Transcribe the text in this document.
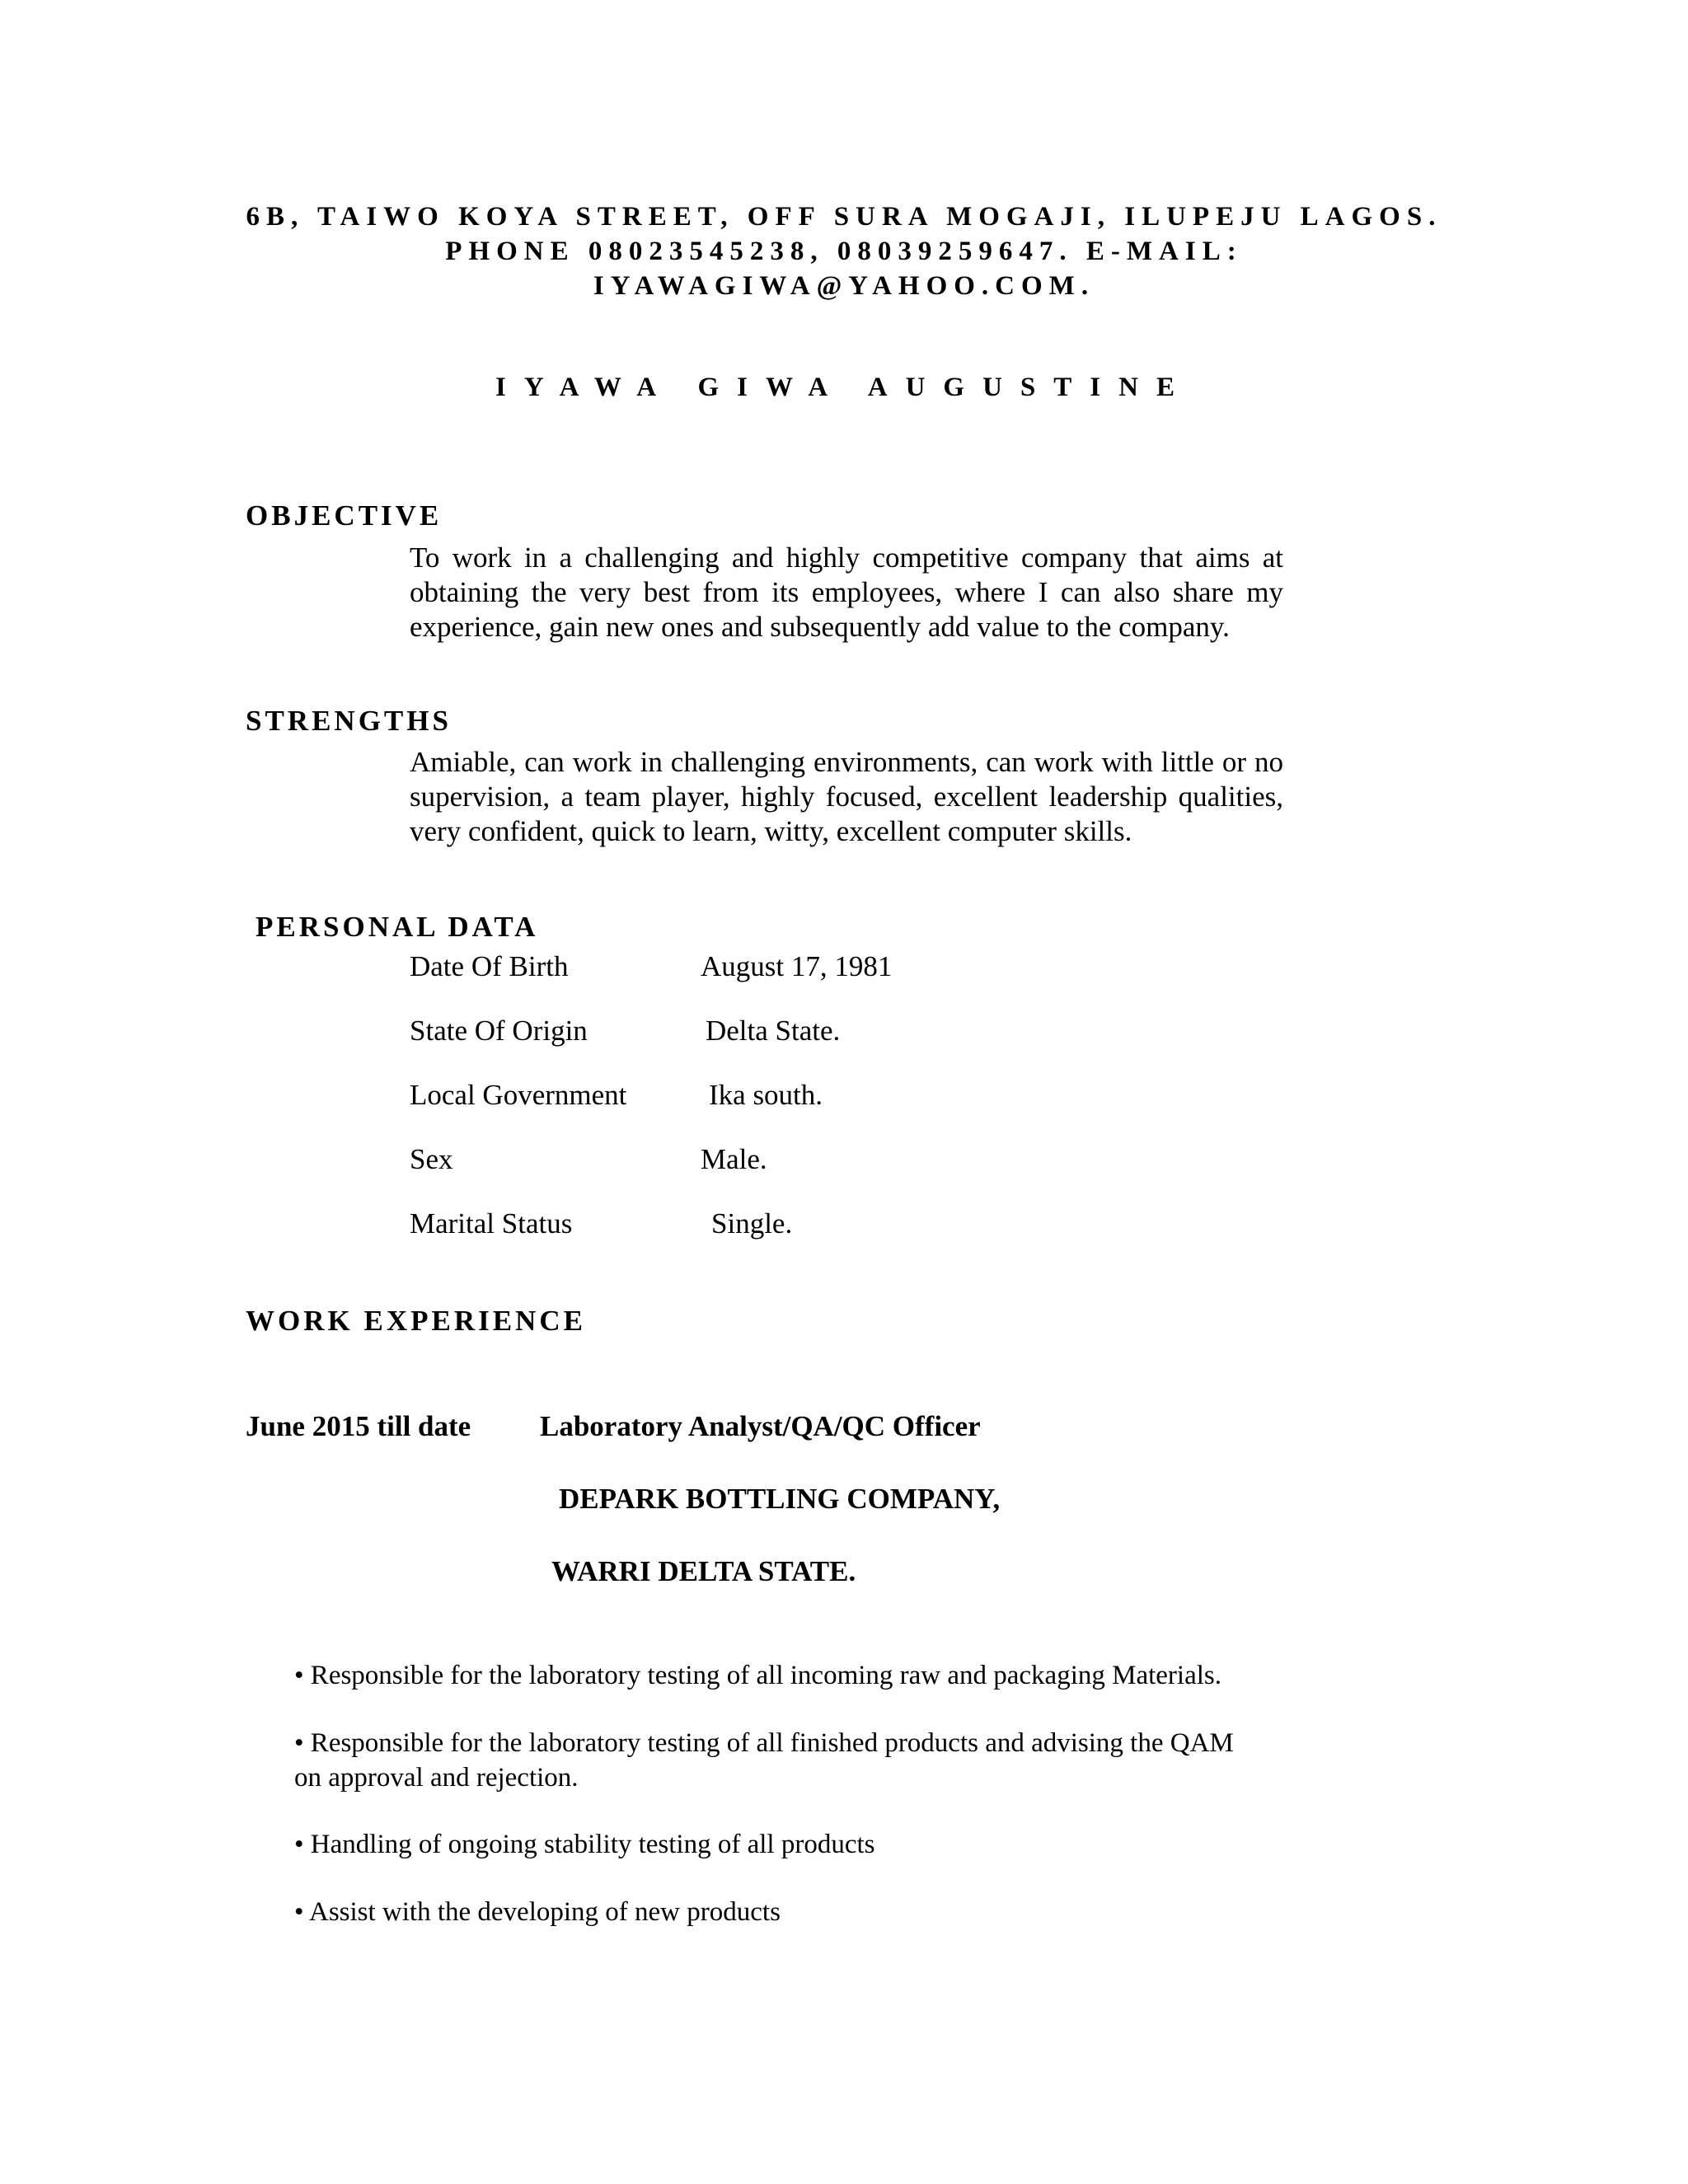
6B, TAIWO KOYA STREET, OFF SURA MOGAJI, ILUPEJU LAGOS.
PHONE 08023545238, 08039259647. E-MAIL:
IYAWAGIWA@YAHOO.COM.
IYAWA GIWA AUGUSTINE
OBJECTIVE
To work in a challenging and highly competitive company that aims at obtaining the very best from its employees, where I can also share my experience, gain new ones and subsequently add value to the company.
STRENGTHS
Amiable, can work in challenging environments, can work with little or no supervision, a team player, highly focused, excellent leadership qualities, very confident, quick to learn, witty, excellent computer skills.
PERSONAL DATA
Date Of Birth	August 17, 1981
State Of Origin	Delta State.
Local Government	Ika south.
Sex	Male.
Marital Status	Single.
WORK EXPERIENCE
June 2015 till date Laboratory Analyst/QA/QC Officer
DEPARK BOTTLING COMPANY,
WARRI DELTA STATE.
• Responsible for the laboratory testing of all incoming raw and packaging Materials.
• Responsible for the laboratory testing of all finished products and advising the QAM on approval and rejection.
• Handling of ongoing stability testing of all products
• Assist with the developing of new products
